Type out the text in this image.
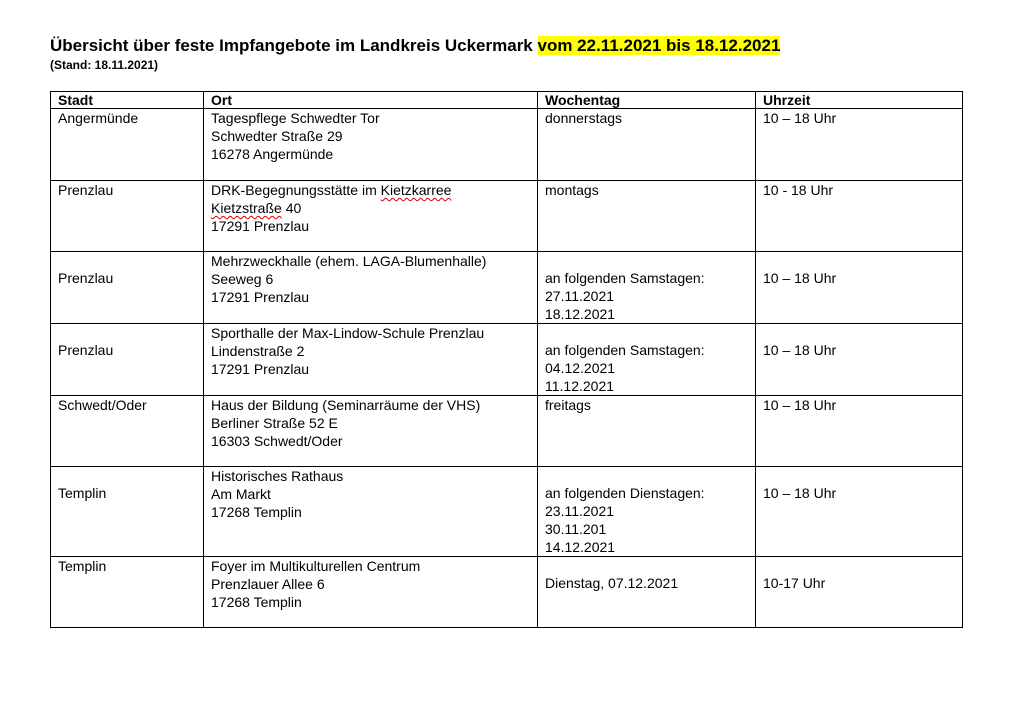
Übersicht über feste Impfangebote im Landkreis Uckermark vom 22.11.2021 bis 18.12.2021
(Stand: 18.11.2021)
Stadt	Ort	Wochentag	Uhrzeit
Angermünde	Tagespflege Schwedter Tor
Schwedter Straße 29
16278 Angermünde	donnerstags	10 – 18 Uhr
Prenzlau	DRK-Begegnungsstätte im Kietzkarree
Kietzstraße 40
17291 Prenzlau	montags	10 - 18 Uhr
Prenzlau	Mehrzweckhalle (ehem. LAGA-Blumenhalle)
Seeweg 6
17291 Prenzlau	an folgenden Samstagen:
27.11.2021
18.12.2021	10 – 18 Uhr
Prenzlau	Sporthalle der Max-Lindow-Schule Prenzlau
Lindenstraße 2
17291 Prenzlau	an folgenden Samstagen:
04.12.2021
11.12.2021	10 – 18 Uhr
Schwedt/Oder	Haus der Bildung (Seminarräume der VHS)
Berliner Straße 52 E
16303 Schwedt/Oder	freitags	10 – 18 Uhr
Templin	Historisches Rathaus
Am Markt
17268 Templin	an folgenden Dienstagen:
23.11.2021
30.11.201
14.12.2021	10 – 18 Uhr
Templin	Foyer im Multikulturellen Centrum
Prenzlauer Allee 6
17268 Templin	Dienstag, 07.12.2021	10-17 Uhr
